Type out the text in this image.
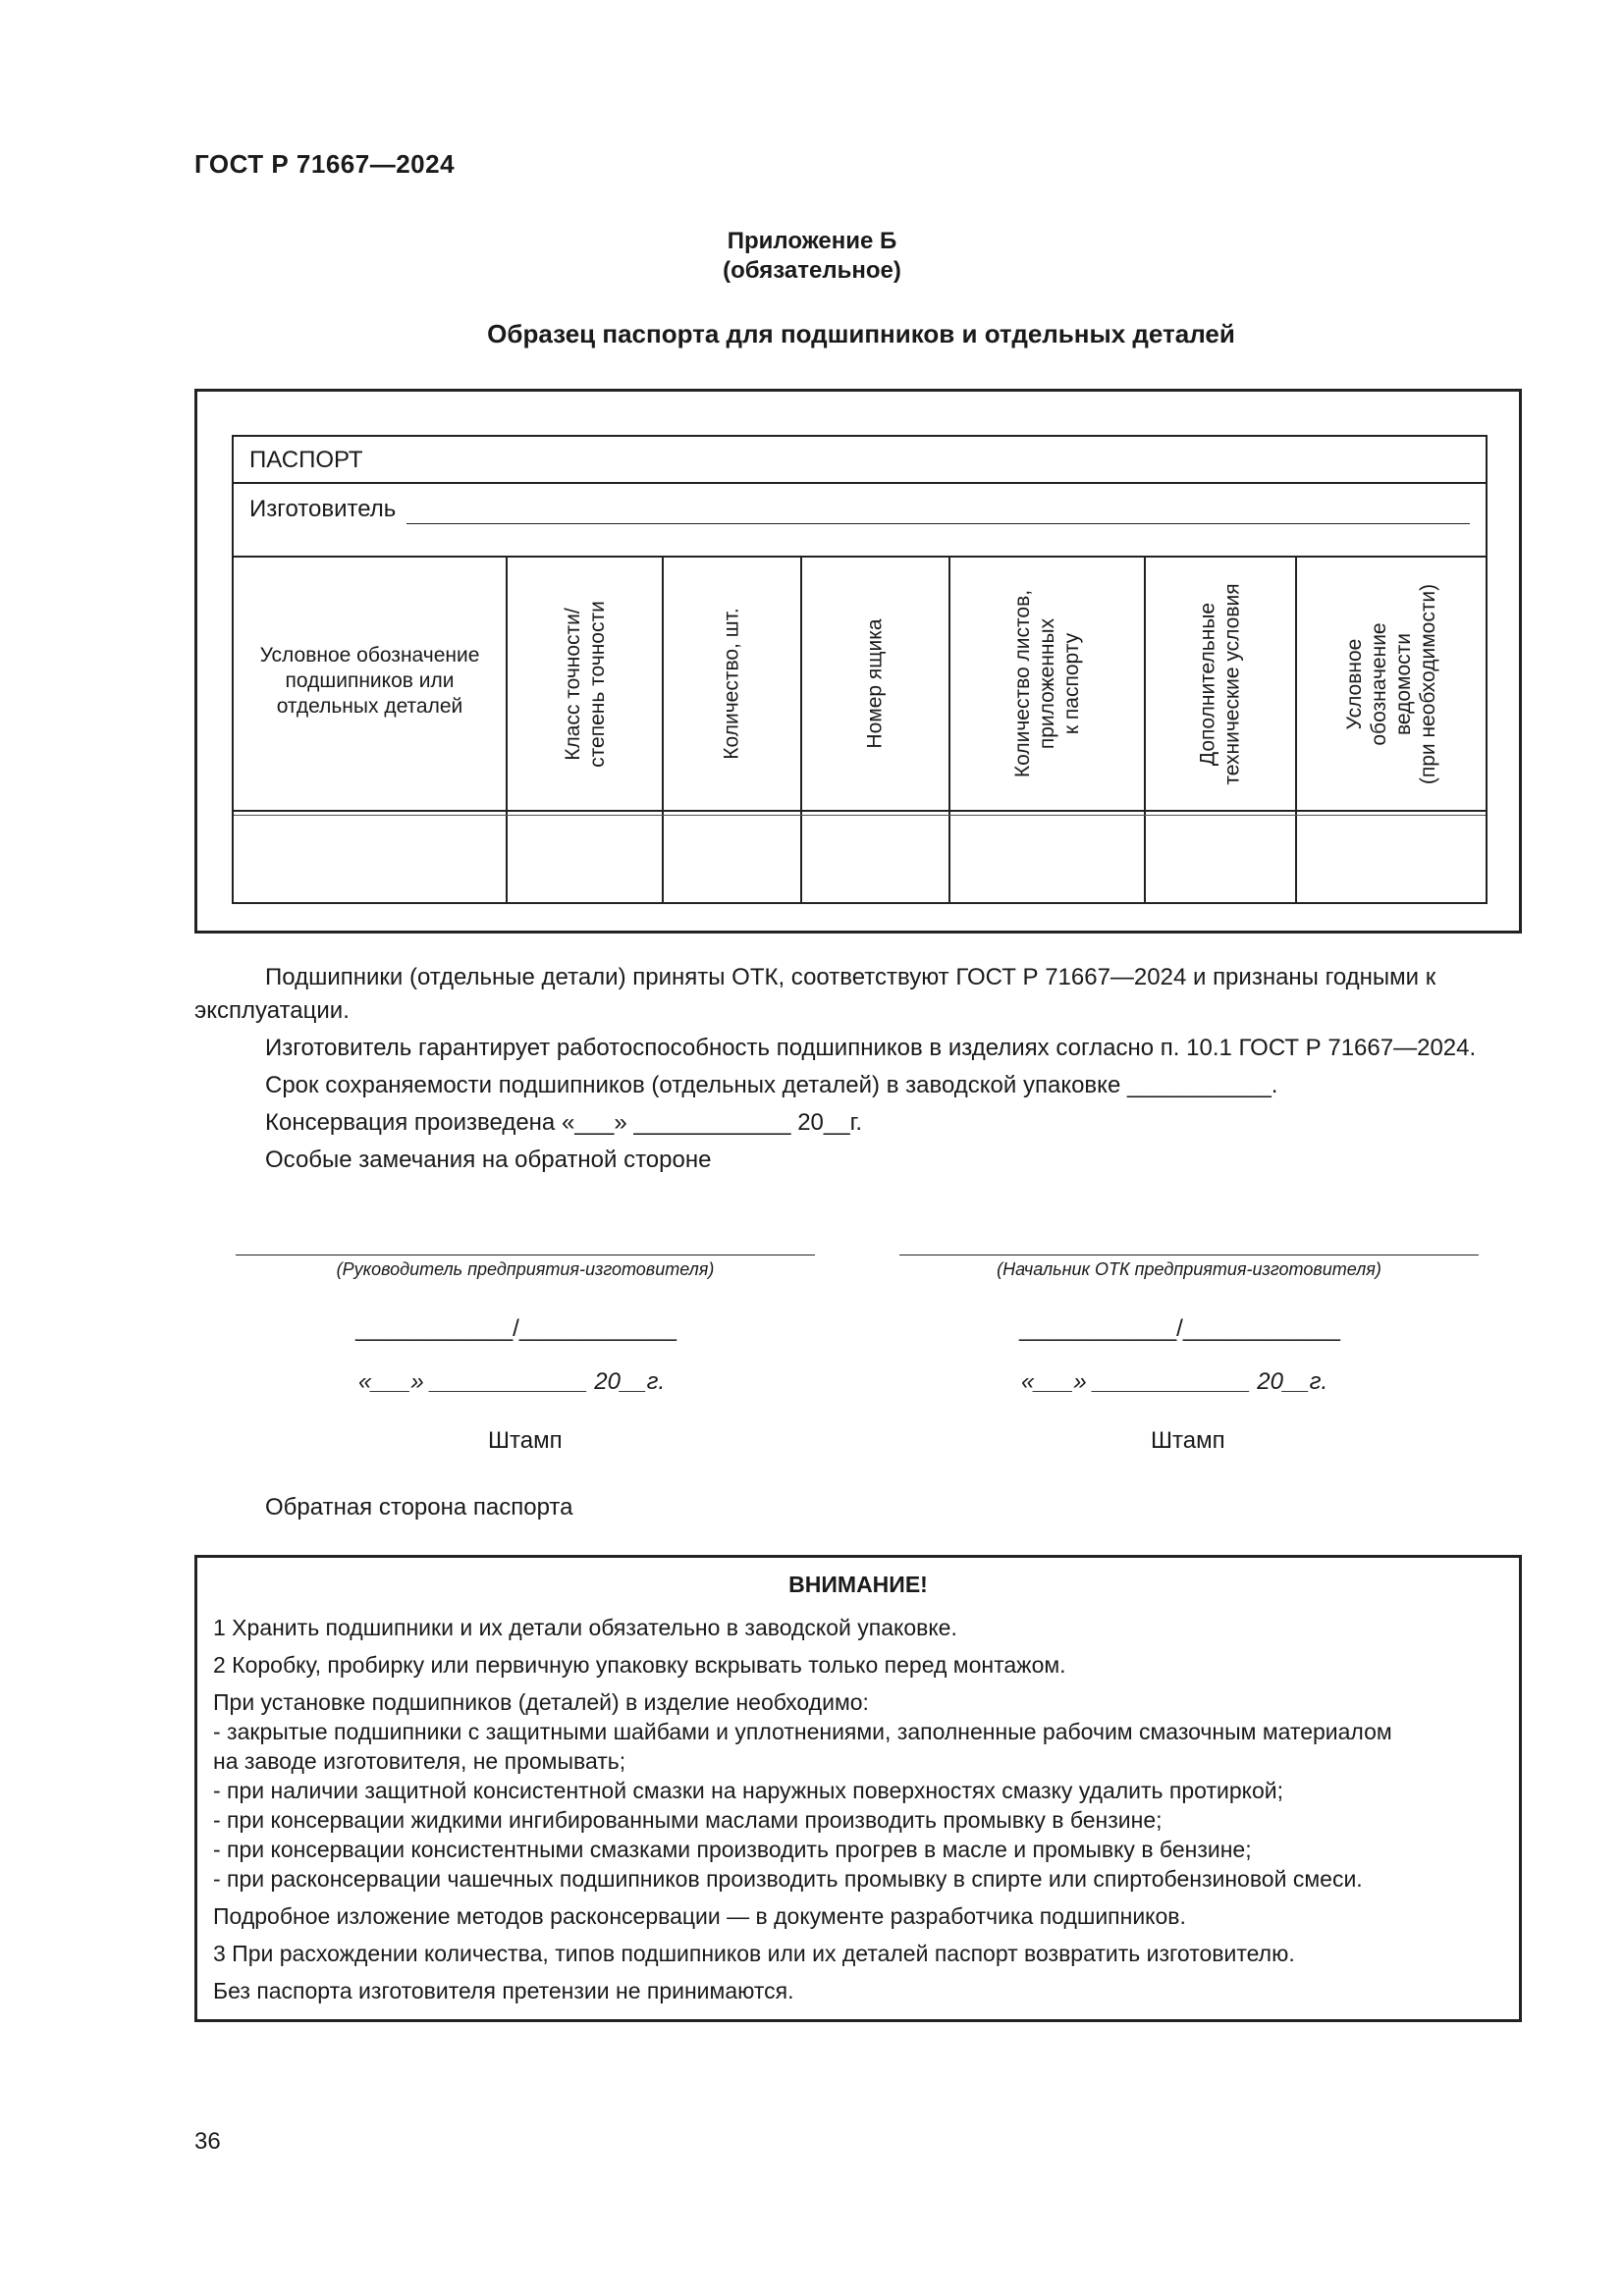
ГОСТ Р 71667—2024
Приложение Б
(обязательное)
Образец паспорта для подшипников и отдельных деталей
ПАСПОРТ
Изготовитель
Условное обозначение
подшипников или
отдельных деталей	Класс точности/ степень точности	Количество, шт.	Номер ящика	Количество листов, приложенных к паспорту	Дополнительные технические условия	Условное обозначение ведомости (при необходимости)
Подшипники (отдельные детали) приняты ОТК, соответствуют ГОСТ Р 71667—2024 и признаны годными к
эксплуатации.
Изготовитель гарантирует работоспособность подшипников в изделиях согласно п. 10.1 ГОСТ Р 71667—2024.
Срок сохраняемости подшипников (отдельных деталей) в заводской упаковке ___________.
Консервация произведена «___» ____________ 20__г.
Особые замечания на обратной стороне
(Руководитель предприятия-изготовителя)	(Начальник ОТК предприятия-изготовителя)
____________/____________	____________/____________
«___» ____________ 20__г.	«___» ____________ 20__г.
Штамп	Штамп
Обратная сторона паспорта
ВНИМАНИЕ!
1 Хранить подшипники и их детали обязательно в заводской упаковке.
2 Коробку, пробирку или первичную упаковку вскрывать только перед монтажом.
При установке подшипников (деталей) в изделие необходимо:
- закрытые подшипники с защитными шайбами и уплотнениями, заполненные рабочим смазочным материалом
на заводе изготовителя, не промывать;
- при наличии защитной консистентной смазки на наружных поверхностях смазку удалить протиркой;
- при консервации жидкими ингибированными маслами производить промывку в бензине;
- при консервации консистентными смазками производить прогрев в масле и промывку в бензине;
- при расконсервации чашечных подшипников производить промывку в спирте или спиртобензиновой смеси.
Подробное изложение методов расконсервации — в документе разработчика подшипников.
3 При расхождении количества, типов подшипников или их деталей паспорт возвратить изготовителю.
Без паспорта изготовителя претензии не принимаются.
36
